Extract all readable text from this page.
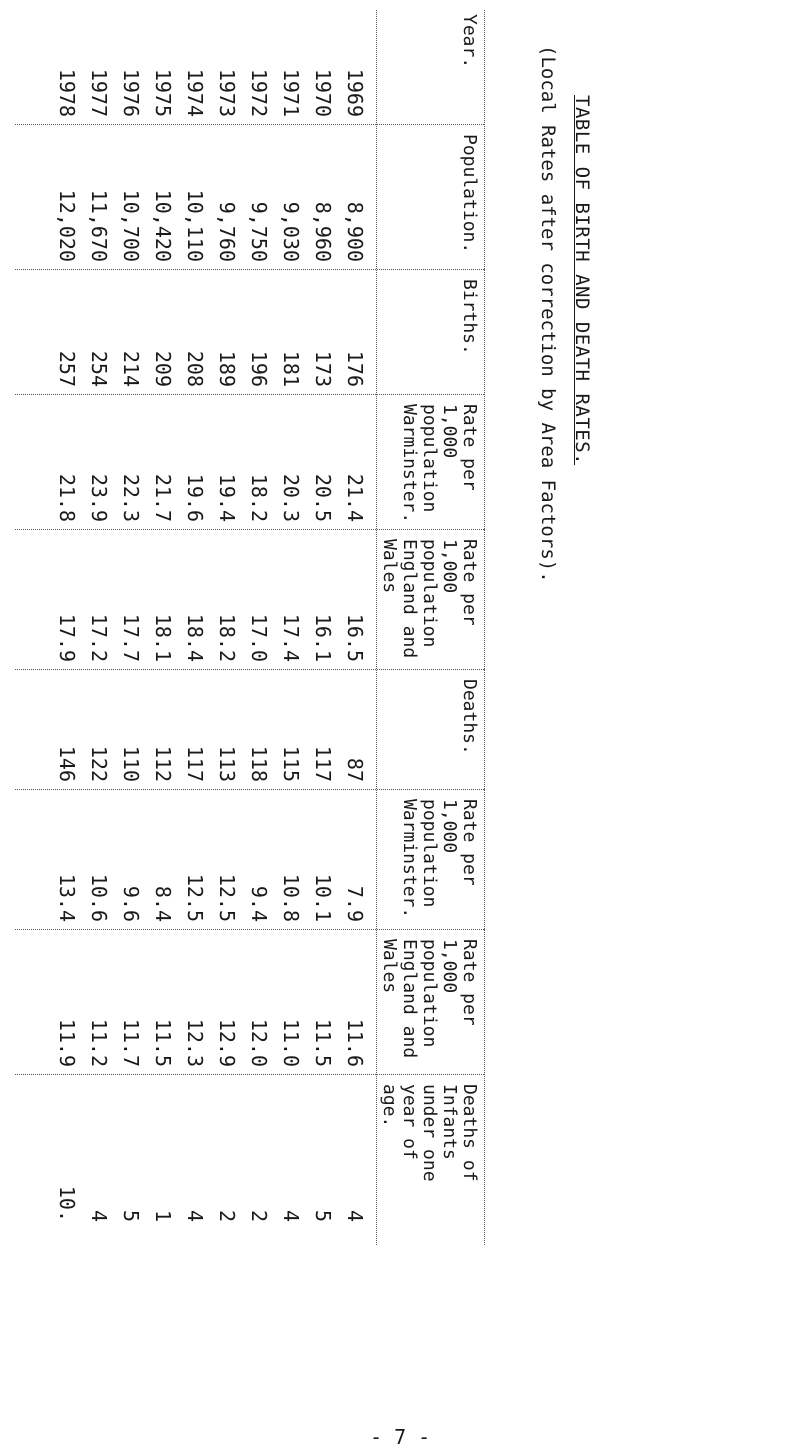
TABLE OF BIRTH AND DEATH RATES.
(Local Rates after correction by Area Factors).
Year.
Population.
Births.
Rate per
1,000
population
Warminster.
Rate per
1,000
population
England and
Wales
Deaths.
Rate per
1,000
population
Warminster.
Rate per
1,000
population
England and
Wales
Deaths of
Infants
under one
year of
age.
1969
1970
1971
1972
1973
1974
1975
1976
1977
1978
8,900
8,960
9,030
9,750
9,760
10,110
10,420
10,700
11,670
12,020
176
173
181
196
189
208
209
214
254
257
21.4
20.5
20.3
18.2
19.4
19.6
21.7
22.3
23.9
21.8
16.5
16.1
17.4
17.0
18.2
18.4
18.1
17.7
17.2
17.9
87
117
115
118
113
117
112
110
122
146
7.9
10.1
10.8
9.4
12.5
12.5
8.4
9.6
10.6
13.4
11.6
11.5
11.0
12.0
12.9
12.3
11.5
11.7
11.2
11.9
4
5
4
2
2
4
1
5
4
10.
- 7 -
